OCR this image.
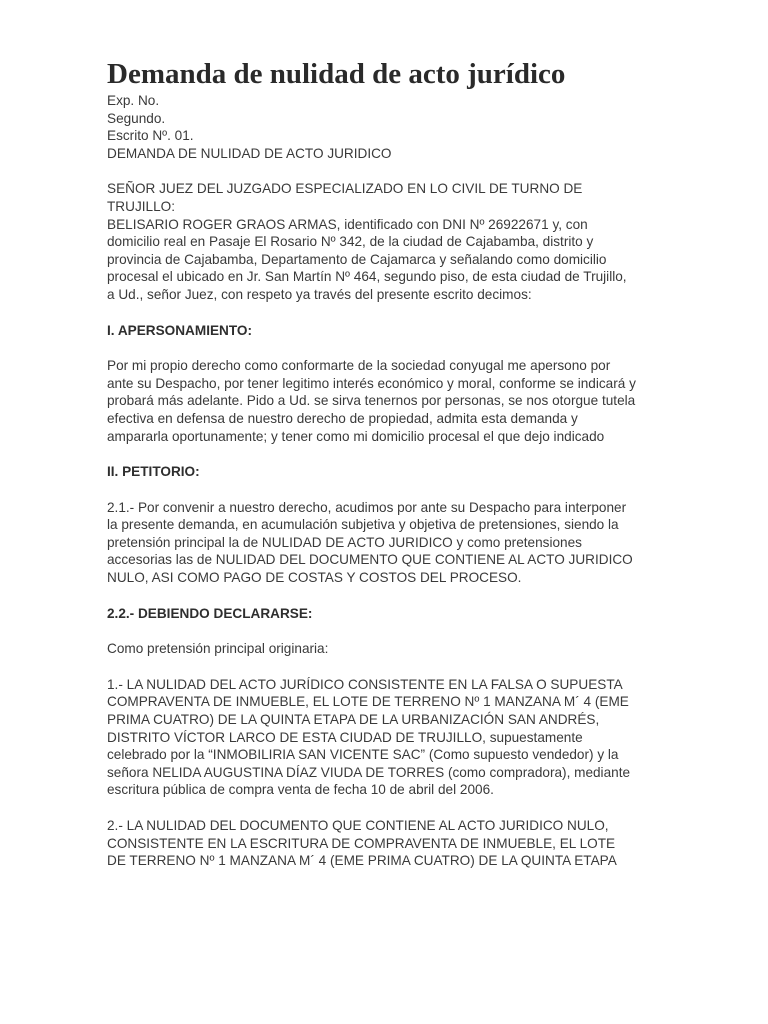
Demanda de nulidad de acto jurídico
Exp. No.
Segundo.
Escrito Nº. 01.
DEMANDA DE NULIDAD DE ACTO JURIDICO
SEÑOR JUEZ DEL JUZGADO ESPECIALIZADO EN LO CIVIL DE TURNO DE
TRUJILLO:
BELISARIO ROGER GRAOS ARMAS, identificado con DNI Nº 26922671 y, con
domicilio real en Pasaje El Rosario Nº 342, de la ciudad de Cajabamba, distrito y
provincia de Cajabamba, Departamento de Cajamarca y señalando como domicilio
procesal el ubicado en Jr. San Martín Nº 464, segundo piso, de esta ciudad de Trujillo,
a Ud., señor Juez, con respeto ya través del presente escrito decimos:
I. APERSONAMIENTO:
Por mi propio derecho como conformarte de la sociedad conyugal me apersono por
ante su Despacho, por tener legitimo interés económico y moral, conforme se indicará y
probará más adelante. Pido a Ud. se sirva tenernos por personas, se nos otorgue tutela
efectiva en defensa de nuestro derecho de propiedad, admita esta demanda y
ampararla oportunamente; y tener como mi domicilio procesal el que dejo indicado
II. PETITORIO:
2.1.- Por convenir a nuestro derecho, acudimos por ante su Despacho para interponer
la presente demanda, en acumulación subjetiva y objetiva de pretensiones, siendo la
pretensión principal la de NULIDAD DE ACTO JURIDICO y como pretensiones
accesorias las de NULIDAD DEL DOCUMENTO QUE CONTIENE AL ACTO JURIDICO
NULO, ASI COMO PAGO DE COSTAS Y COSTOS DEL PROCESO.
2.2.- DEBIENDO DECLARARSE:
Como pretensión principal originaria:
1.- LA NULIDAD DEL ACTO JURÍDICO CONSISTENTE EN LA FALSA O SUPUESTA
COMPRAVENTA DE INMUEBLE, EL LOTE DE TERRENO Nº 1 MANZANA M´ 4 (EME
PRIMA CUATRO) DE LA QUINTA ETAPA DE LA URBANIZACIÓN SAN ANDRÉS,
DISTRITO VÍCTOR LARCO DE ESTA CIUDAD DE TRUJILLO, supuestamente
celebrado por la “INMOBILIRIA SAN VICENTE SAC” (Como supuesto vendedor) y la
señora NELIDA AUGUSTINA DÍAZ VIUDA DE TORRES (como compradora), mediante
escritura pública de compra venta de fecha 10 de abril del 2006.
2.- LA NULIDAD DEL DOCUMENTO QUE CONTIENE AL ACTO JURIDICO NULO,
CONSISTENTE EN LA ESCRITURA DE COMPRAVENTA DE INMUEBLE, EL LOTE
DE TERRENO Nº 1 MANZANA M´ 4 (EME PRIMA CUATRO) DE LA QUINTA ETAPA
